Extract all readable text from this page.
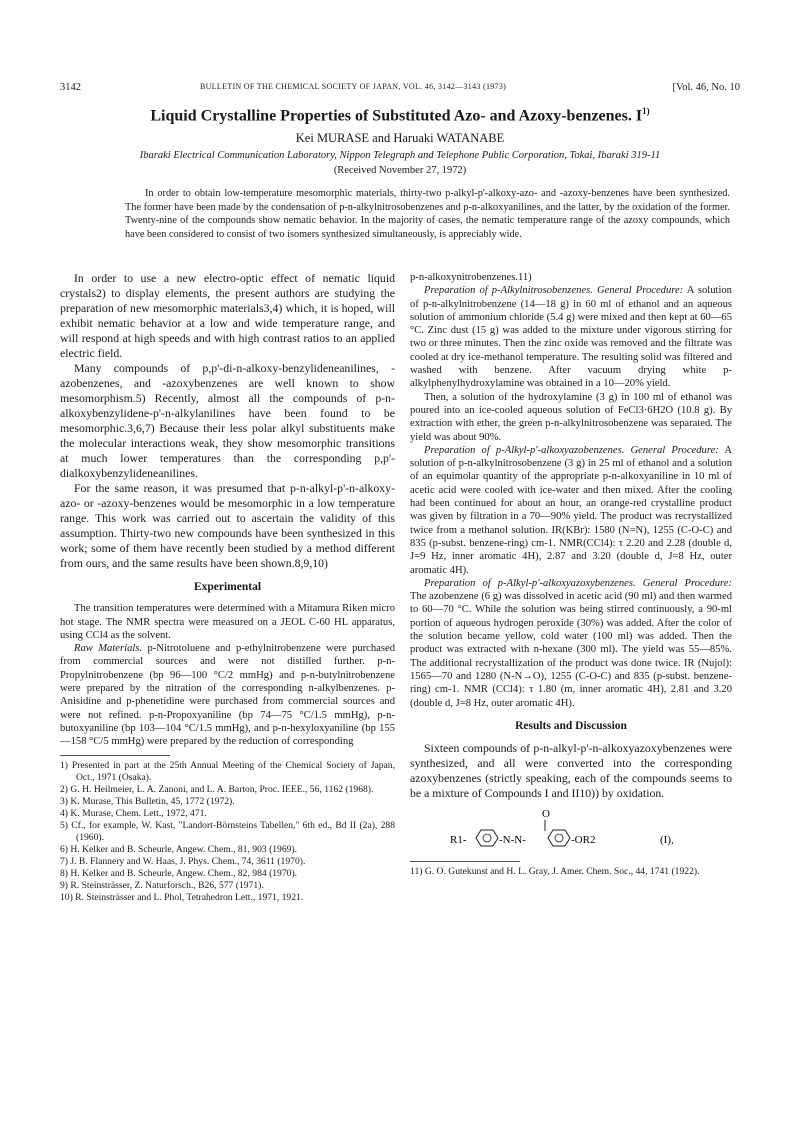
3142	BULLETIN OF THE CHEMICAL SOCIETY OF JAPAN, VOL. 46, 3142—3143 (1973)	[Vol. 46, No. 10
Liquid Crystalline Properties of Substituted Azo- and Azoxy-benzenes. $I^{1)}$
Kei MURASE and Haruaki WATANABE
Ibaraki Electrical Communication Laboratory, Nippon Telegraph and Telephone Public Corporation, Tokai, Ibaraki 319-11
(Received November 27, 1972)
In order to obtain low-temperature mesomorphic materials, thirty-two p-alkyl-p'-alkoxy-azo- and -azoxy-benzenes have been synthesized. The former have been made by the condensation of p-n-alkylnitrosobenzenes and p-n-alkoxyanilines, and the latter, by the oxidation of the former. Twenty-nine of the compounds show nematic behavior. In the majority of cases, the nematic temperature range of the azoxy compounds, which have been considered to consist of two isomers synthesized simultaneously, is appreciably wide.

In order to use a new electro-optic effect of nematic liquid crystals2) to display elements, the present authors are studying the preparation of new mesomorphic materials3,4) which, it is hoped, will exhibit nematic behavior at a low and wide temperature range, and will respond at high speeds and with high contrast ratios to an applied electric field.

Many compounds of p,p'-di-n-alkoxy-benzylideneanilines, -azobenzenes, and -azoxybenzenes are well known to show mesomorphism.5) Recently, almost all the compounds of p-n-alkoxybenzylidene-p'-n-alkylanilines have been found to be mesomorphic.3,6,7) Because their less polar alkyl substituents make the molecular interactions weak, they show mesomorphic transitions at much lower temperatures than the corresponding p,p'-dialkoxybenzylideneanilines.

For the same reason, it was presumed that p-n-alkyl-p'-n-alkoxy-azo- or -azoxy-benzenes would be mesomorphic in a low temperature range. This work was carried out to ascertain the validity of this assumption. Thirty-two new compounds have been synthesized in this work; some of them have recently been studied by a method different from ours, and the same results have been shown.8,9,10)

Experimental

The transition temperatures were determined with a Mitamura Riken micro hot stage. The NMR spectra were measured on a JEOL C-60 HL apparatus, using CCl4 as the solvent.

Raw Materials. p-Nitrotoluene and p-ethylnitrobenzene were purchased from commercial sources and were not distilled further. p-n-Propylnitrobenzene (bp 96—100 °C/2 mmHg) and p-n-butylnitrobenzene were prepared by the nitration of the corresponding n-alkylbenzenes. p-Anisidine and p-phenetidine were purchased from commercial sources and were not refined. p-n-Propoxyaniline (bp 74—75 °C/1.5 mmHg), p-n-butoxyaniline (bp 103—104 °C/1.5 mmHg), and p-n-hexyloxyaniline (bp 155—158 °C/5 mmHg) were prepared by the reduction of corresponding

1) Presented in part at the 25th Annual Meeting of the Chemical Society of Japan, Oct., 1971 (Osaka).
2) G. H. Heilmeier, L. A. Zanoni, and L. A. Barton, Proc. IEEE., 56, 1162 (1968).
3) K. Murase, This Bulletin, 45, 1772 (1972).
4) K. Murase, Chem. Lett., 1972, 471.
5) Cf., for example, W. Kast, "Landort-Börnsteins Tabellen," 6th ed., Bd II (2a), 288 (1960).
6) H. Kelker and B. Scheurle, Angew. Chem., 81, 903 (1969).
7) J. B. Flannery and W. Haas, J. Phys. Chem., 74, 3611 (1970).
8) H. Kelker and B. Scheurle, Angew. Chem., 82, 984 (1970).
9) R. Steinsträsser, Z. Naturforsch., B26, 577 (1971).
10) R. Steinsträsser and L. Phol, Tetrahedron Lett., 1971, 1921.

p-n-alkoxynitrobenzenes.11)

Preparation of p-Alkylnitrosobenzenes. General Procedure: A solution of p-n-alkylnitrobenzene (14—18 g) in 60 ml of ethanol and an aqueous solution of ammonium chloride (5.4 g) were mixed and then kept at 60—65 °C. Zinc dust (15 g) was added to the mixture under vigorous stirring for two or three minutes. Then the zinc oxide was removed and the filtrate was cooled at dry ice-methanol temperature. The resulting solid was filtered and washed with benzene. After vacuum drying white p-alkylphenylhydroxylamine was obtained in a 10—20% yield.

Then, a solution of the hydroxylamine (3 g) in 100 ml of ethanol was poured into an ice-cooled aqueous solution of FeCl3·6H2O (10.8 g). By extraction with ether, the green p-n-alkylnitrosobenzene was separated. The yield was about 90%.

Preparation of p-Alkyl-p'-alkoxyazobenzenes. General Procedure: A solution of p-n-alkylnitrosobenzene (3 g) in 25 ml of ethanol and a solution of an equimolar quantity of the appropriate p-n-alkoxyaniline in 10 ml of acetic acid were cooled with ice-water and then mixed. After the cooling had been continued for about an hour, an orange-red crystalline product was given by filtration in a 70—90% yield. The product was recrystallized twice from a methanol solution. IR(KBr): 1580 (N=N), 1255 (C-O-C) and 835 (p-subst. benzene-ring) cm-1. NMR(CCl4): τ 2.20 and 2.28 (double d, J=9 Hz, inner aromatic 4H), 2.87 and 3.20 (double d, J=8 Hz, outer aromatic 4H).

Preparation of p-Alkyl-p'-alkoxyazoxybenzenes. General Procedure: The azobenzene (6 g) was dissolved in acetic acid (90 ml) and then warmed to 60—70 °C. While the solution was being stirred continuously, a 90-ml portion of aqueous hydrogen peroxide (30%) was added. After the color of the solution became yellow, cold water (100 ml) was added. Then the product was extracted with n-hexane (300 ml). The yield was 55—85%. The additional recrystallization of the product was done twice. IR (Nujol): 1565—70 and 1280 (N-N→O), 1255 (C-O-C) and 835 (p-subst. benzene-ring) cm-1. NMR (CCl4): τ 1.80 (m, inner aromatic 4H), 2.81 and 3.20 (double d, J=8 Hz, outer aromatic 4H).

Results and Discussion

Sixteen compounds of p-n-alkyl-p'-n-alkoxyazoxybenzenes were synthesized, and all were converted into the corresponding azoxybenzenes (strictly speaking, each of the compounds seems to be a mixture of Compounds I and II10)) by oxidation.

O
R1-	-N-N-	-OR2	(I),
11) G. O. Gutekunst and H. L. Gray, J. Amer. Chem. Soc., 44, 1741 (1922).
